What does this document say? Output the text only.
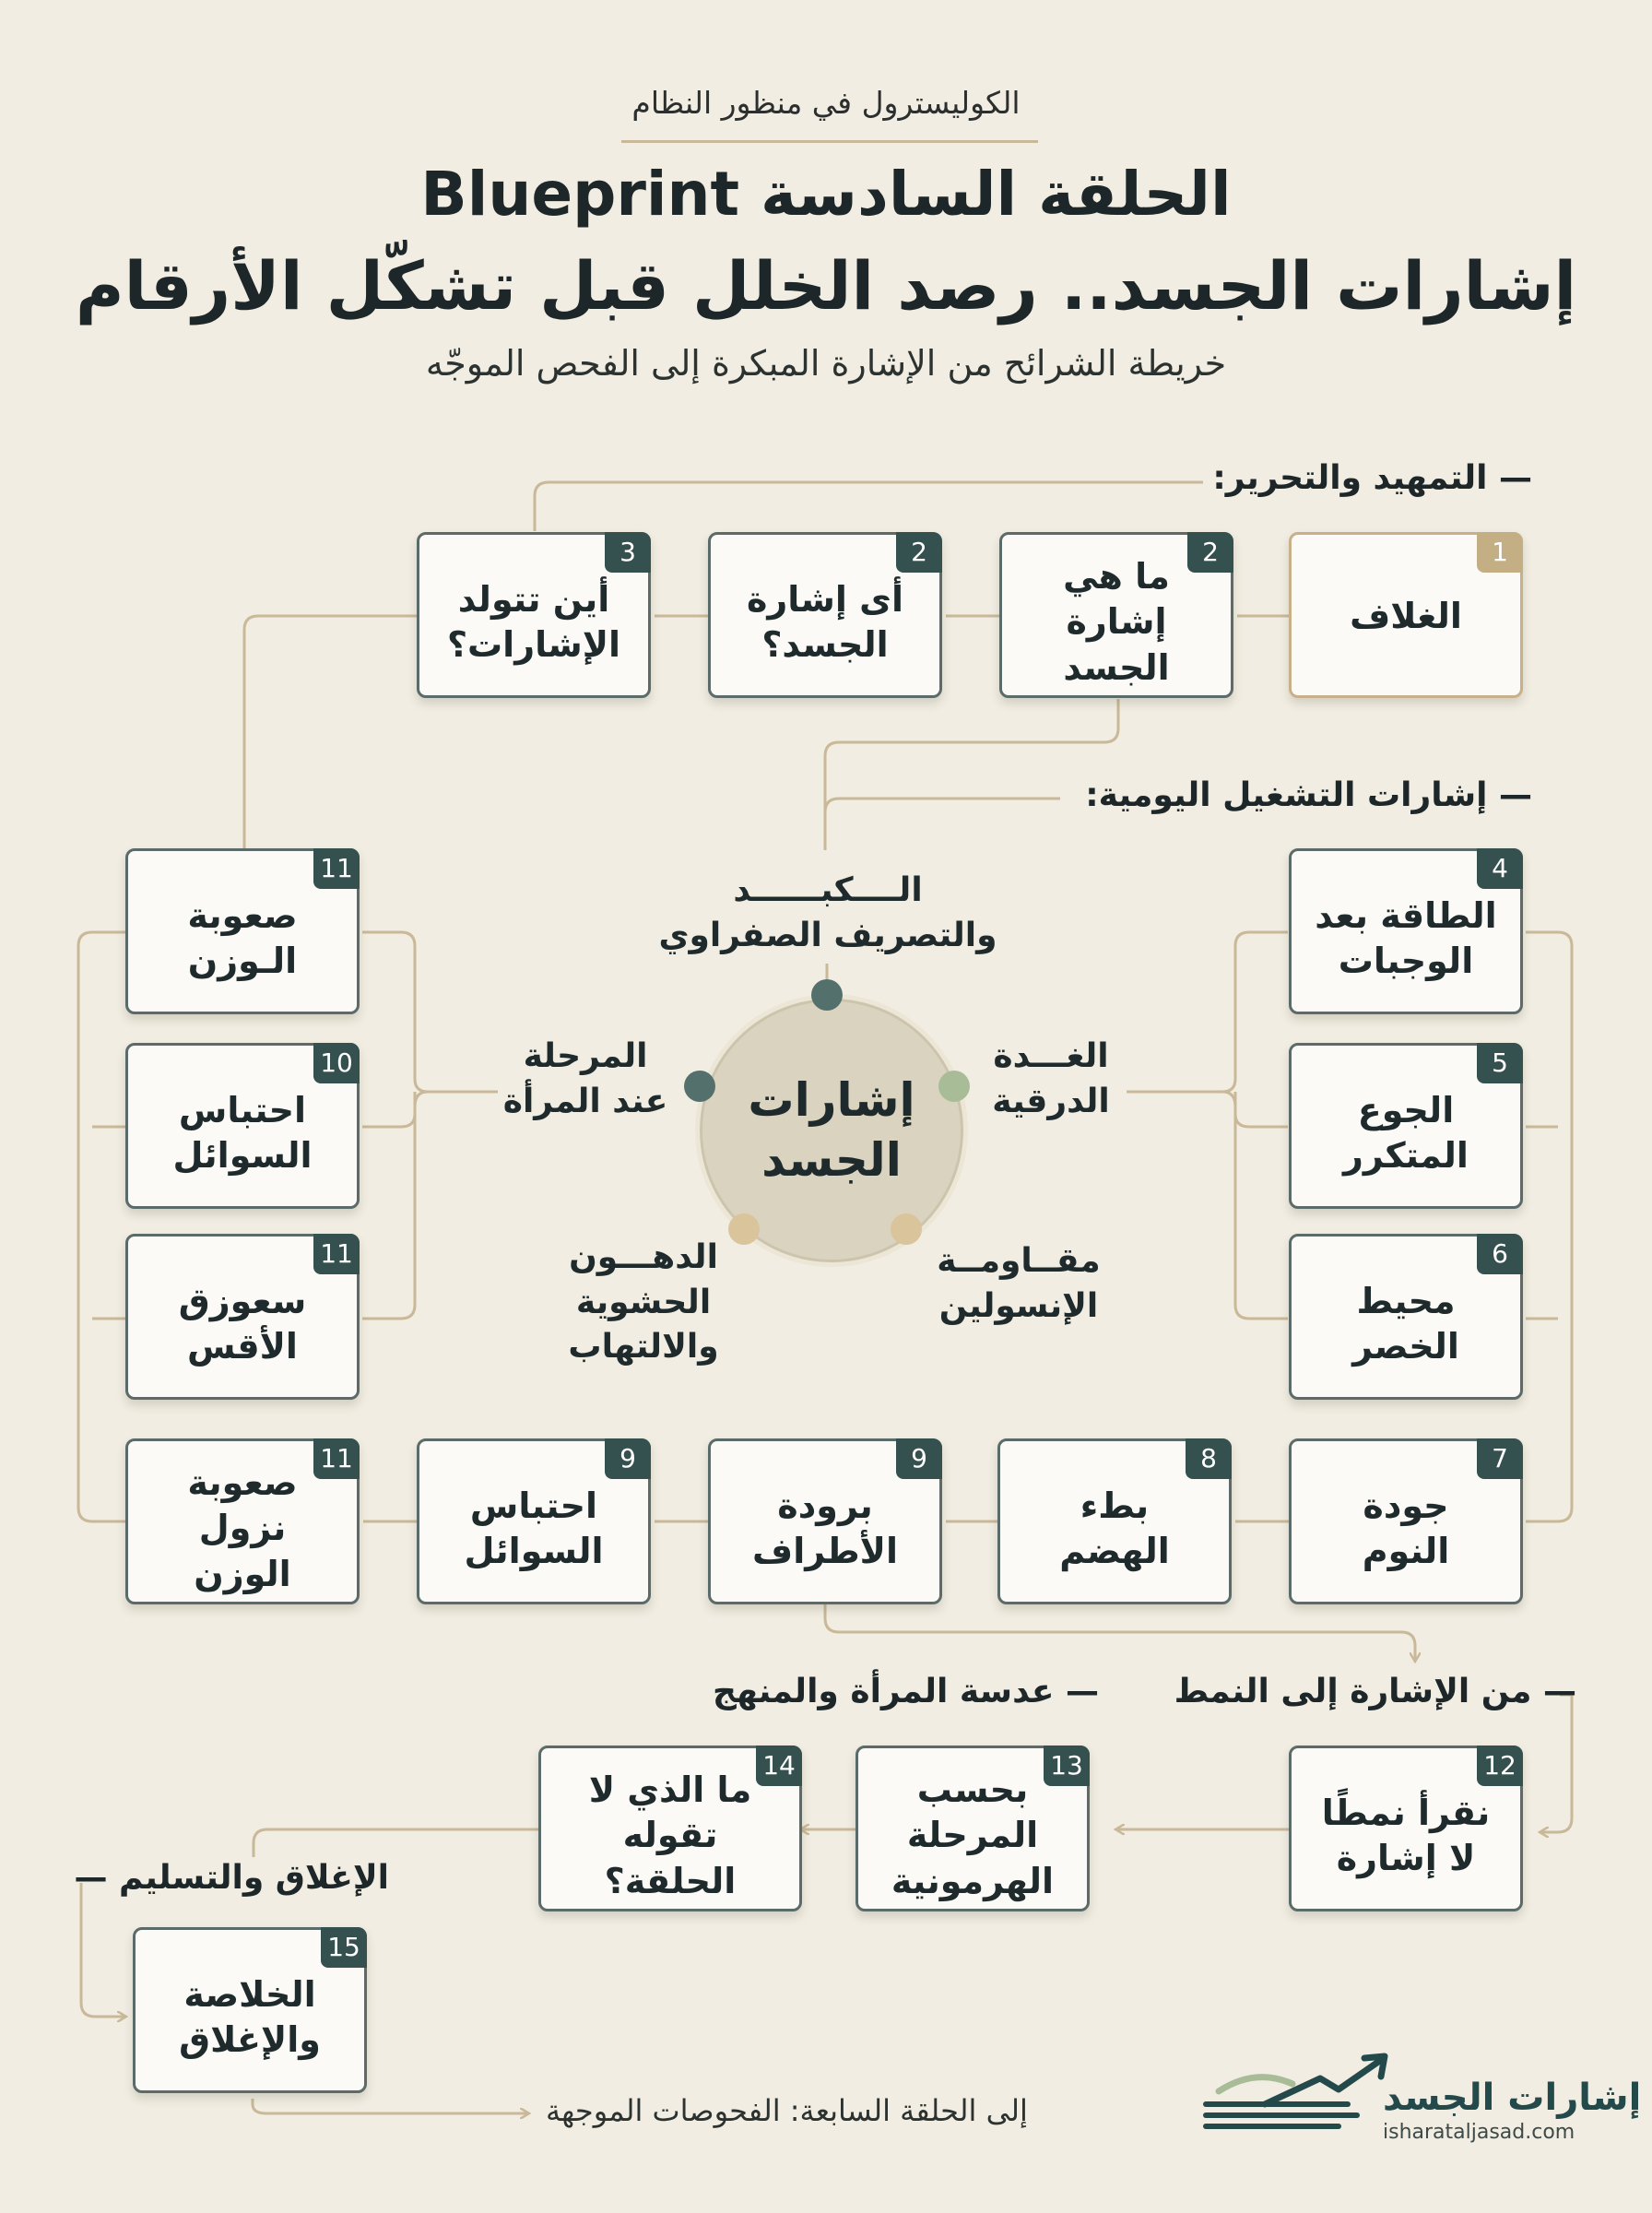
الكوليسترول في منظور النظام
الحلقة السادسة Blueprint
إشارات الجسد.. رصد الخلل قبل تشكّل الأرقام
خريطة الشرائح من الإشارة المبكرة إلى الفحص الموجّه
— التمهيد والتحرير:
— إشارات التشغيل اليومية:
— من الإشارة إلى النمط
— عدسة المرأة والمنهج
الإغلاق والتسليم —
1
الغلاف
2
ما هي
إشارة الجسد
2
أى إشارة
الجسد؟
3
أين تتولد
الإشارات؟
4
الطاقة بعد
الوجبات
5
الجوع
المتكرر
6
محيط
الخصر
11
صعوبة
الـوزن
10
احتباس
السوائل
11
سعوزق
الأقس
7
جودة
النوم
8
بطء
الهضم
9
برودة
الأطراف
9
احتباس
السوائل
11
صعوبة نزول
الوزن
12
نقرأ نمطًا
لا إشارة
13
بحسب المرحلة
الهرمونية
14
ما الذي لا تقوله
الحلقة؟
15
الخلاصة
والإغلاق
إشارات
الجسد
الــــكبــــــد
والتصريف الصفراوي
الغـــدة
الدرقية
مقــاومــة
الإنسولين
الدهـــون
الحشوية
والالتهاب
المرحلة
عند المرأة
إلى الحلقة السابعة: الفحوصات الموجهة	إشارات الجسد
isharataljasad.com
